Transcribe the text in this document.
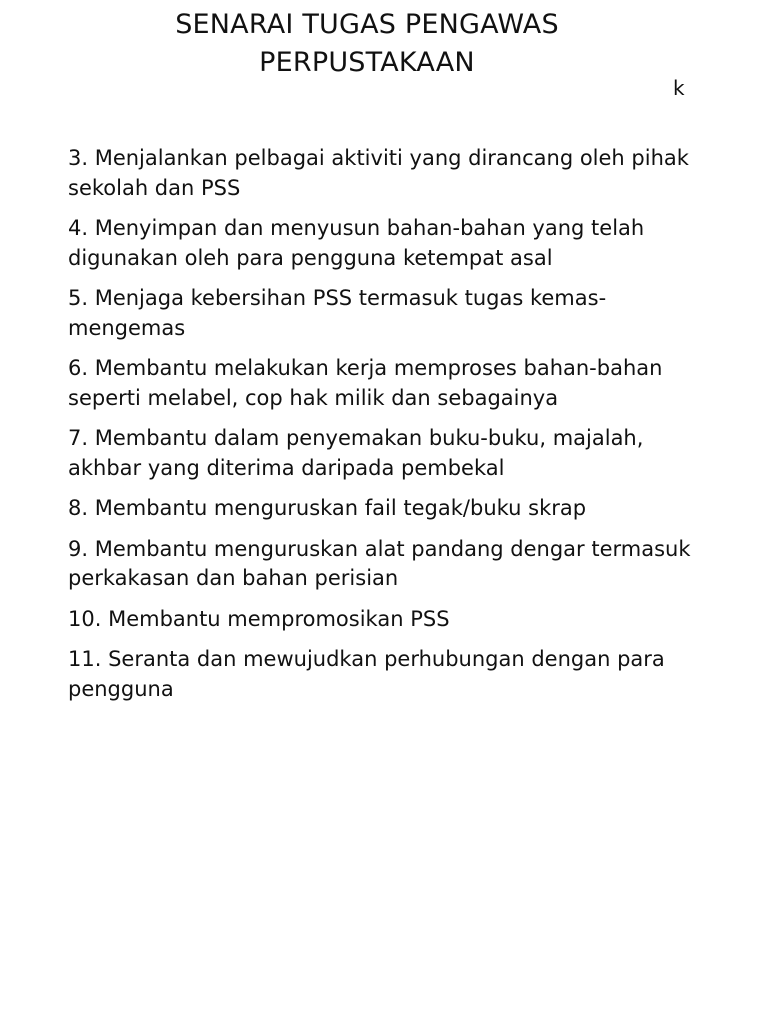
SENARAI TUGAS PENGAWAS
PERPUSTAKAAN
k

3. Menjalankan pelbagai aktiviti yang dirancang oleh pihak sekolah dan PSS

4. Menyimpan dan menyusun bahan-bahan yang telah digunakan oleh para pengguna ketempat asal

5. Menjaga kebersihan PSS termasuk tugas kemas-mengemas

6. Membantu melakukan kerja memproses bahan-bahan seperti melabel, cop hak milik dan sebagainya

7. Membantu dalam penyemakan buku-buku, majalah, akhbar yang diterima daripada pembekal

8. Membantu menguruskan fail tegak/buku skrap

9. Membantu menguruskan alat pandang dengar termasuk perkakasan dan bahan perisian

10. Membantu mempromosikan PSS

11. Seranta dan mewujudkan perhubungan dengan para pengguna
